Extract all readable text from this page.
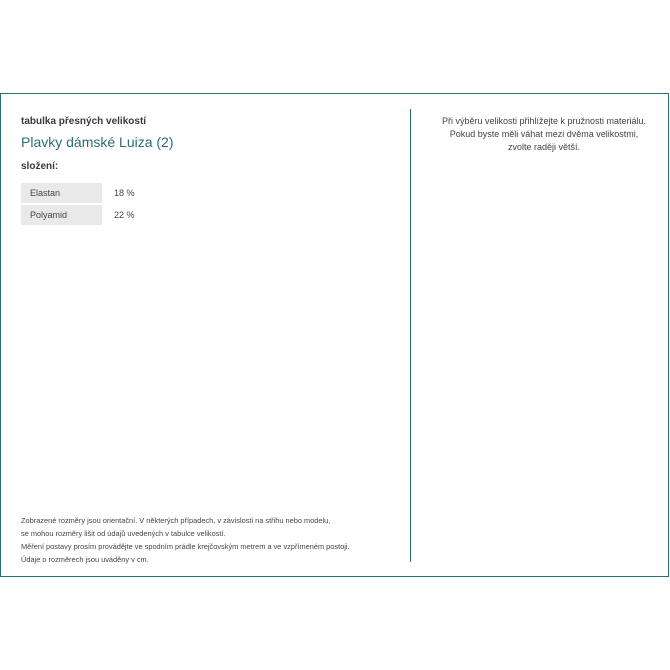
tabulka přesných velikostí
Plavky dámské Luiza (2)
složení:
Elastan	18 %
Polyamid	22 %
Zobrazené rozměry jsou orientační. V některých případech, v závislosti na střihu nebo modelu,
se mohou rozměry lišit od údajů uvedených v tabulce velikostí.
Měření postavy prosím provádějte ve spodním prádle krejčovským metrem a ve vzpřímeném postoji.
Údaje o rozměrech jsou uváděny v cm.
Při výběru velikosti přihlížejte k pružnosti materiálu.
Pokud byste měli váhat mezi dvěma velikostmi,
zvolte raději větší.
